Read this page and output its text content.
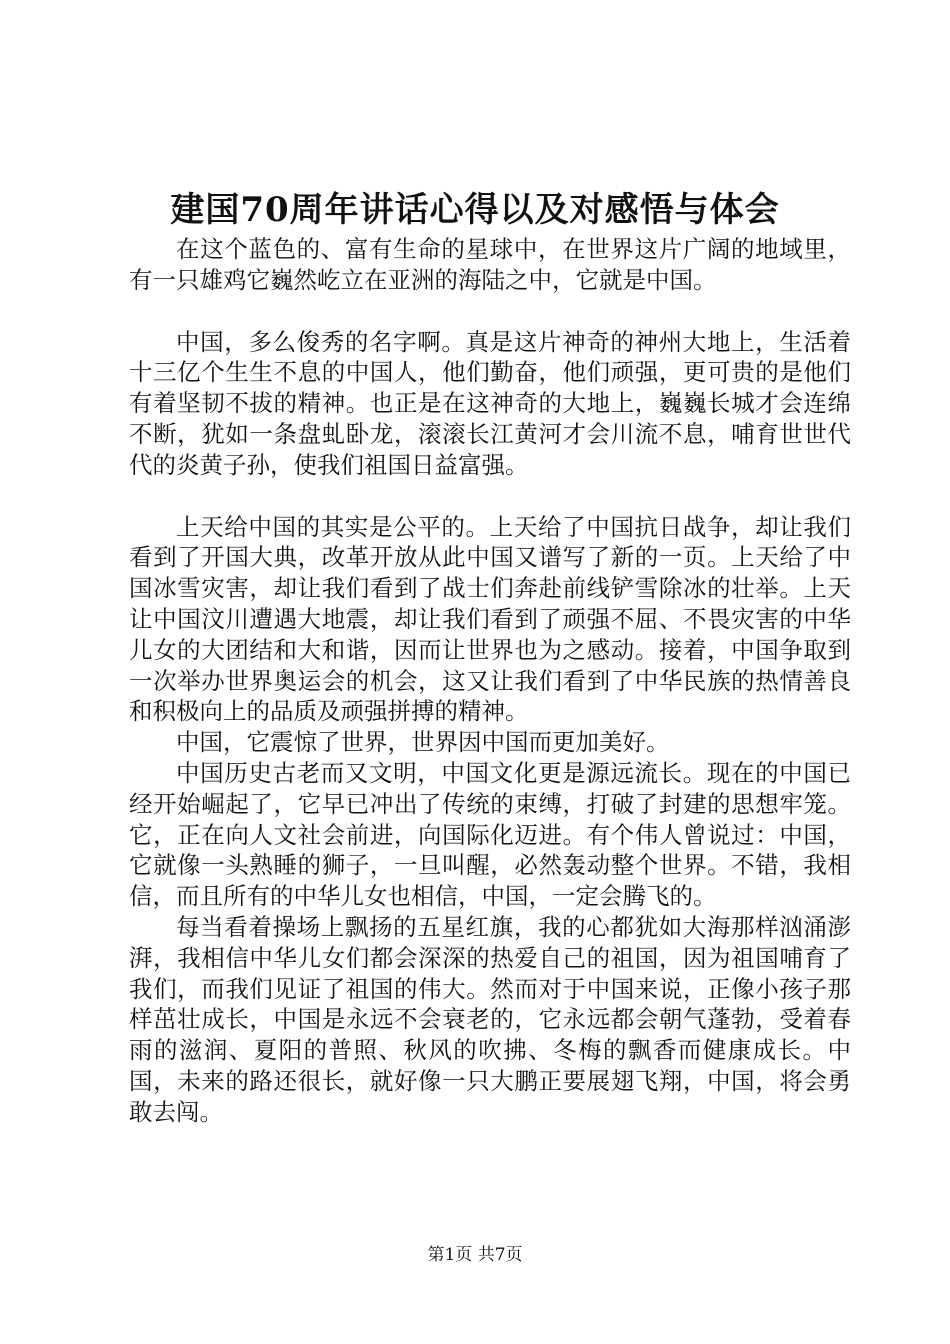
建国70周年讲话心得以及对感悟与体会

在这个蓝色的、富有生命的星球中，在世界这片广阔的地域里，有一只雄鸡它巍然屹立在亚洲的海陆之中，它就是中国。

中国，多么俊秀的名字啊。真是这片神奇的神州大地上，生活着十三亿个生生不息的中国人，他们勤奋，他们顽强，更可贵的是他们有着坚韧不拔的精神。也正是在这神奇的大地上，巍巍长城才会连绵不断，犹如一条盘虬卧龙，滚滚长江黄河才会川流不息，哺育世世代代的炎黄子孙，使我们祖国日益富强。

上天给中国的其实是公平的。上天给了中国抗日战争，却让我们看到了开国大典，改革开放从此中国又谱写了新的一页。上天给了中国冰雪灾害，却让我们看到了战士们奔赴前线铲雪除冰的壮举。上天让中国汶川遭遇大地震，却让我们看到了顽强不屈、不畏灾害的中华儿女的大团结和大和谐，因而让世界也为之感动。接着，中国争取到一次举办世界奥运会的机会，这又让我们看到了中华民族的热情善良和积极向上的品质及顽强拼搏的精神。

中国，它震惊了世界，世界因中国而更加美好。

中国历史古老而又文明，中国文化更是源远流长。现在的中国已经开始崛起了，它早已冲出了传统的束缚，打破了封建的思想牢笼。它，正在向人文社会前进，向国际化迈进。有个伟人曾说过：中国，它就像一头熟睡的狮子，一旦叫醒，必然轰动整个世界。不错，我相信，而且所有的中华儿女也相信，中国，一定会腾飞的。

每当看着操场上飘扬的五星红旗，我的心都犹如大海那样汹涌澎湃，我相信中华儿女们都会深深的热爱自己的祖国，因为祖国哺育了我们，而我们见证了祖国的伟大。然而对于中国来说，正像小孩子那样茁壮成长，中国是永远不会衰老的，它永远都会朝气蓬勃，受着春雨的滋润、夏阳的普照、秋风的吹拂、冬梅的飘香而健康成长。中国，未来的路还很长，就好像一只大鹏正要展翅飞翔，中国，将会勇敢去闯。

第1页 共7页
